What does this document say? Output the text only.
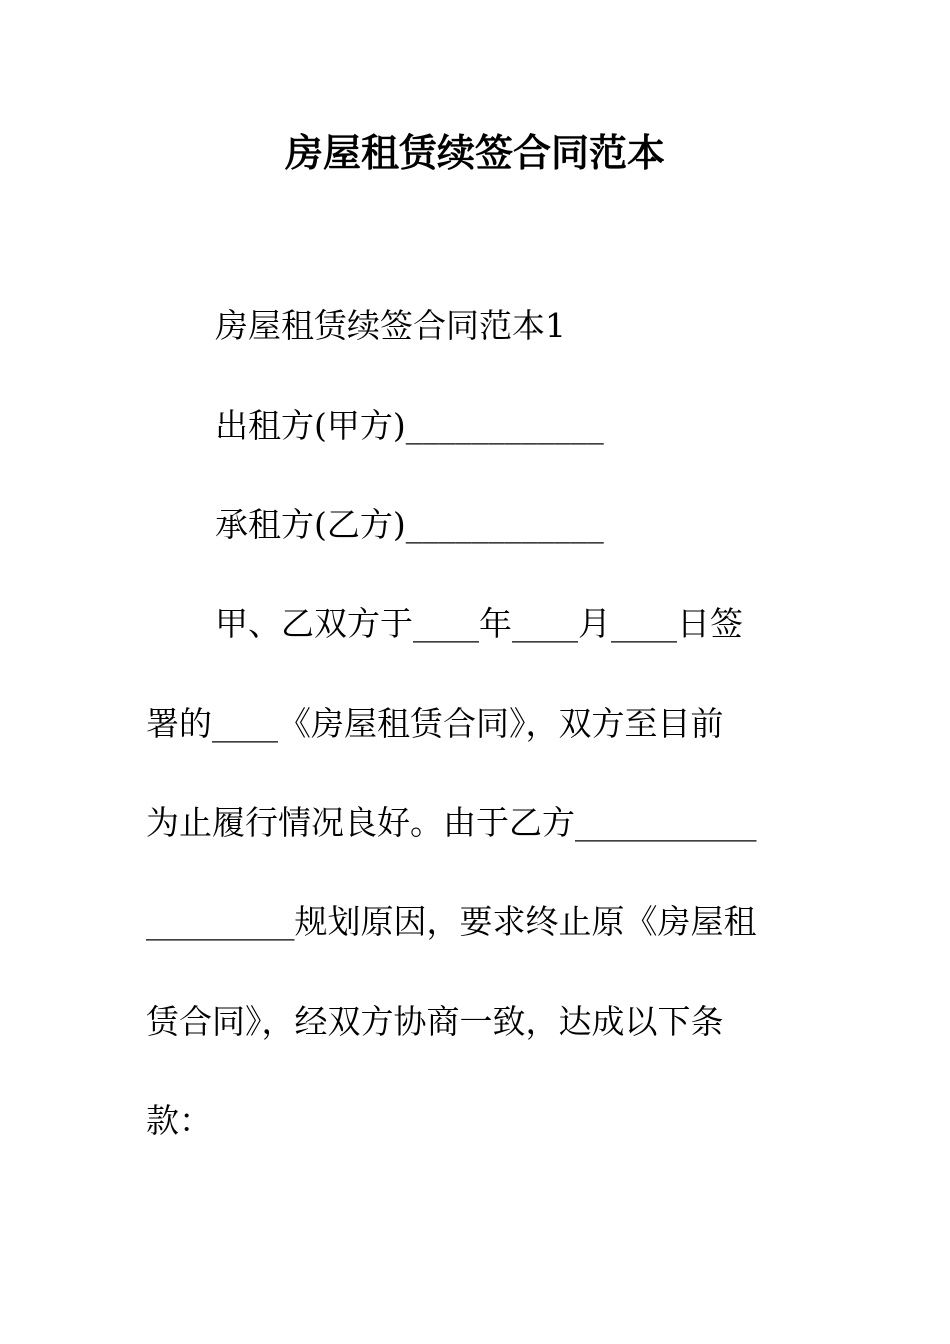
房屋租赁续签合同范本
房屋租赁续签合同范本1
出租方(甲方)____________
承租方(乙方)____________
甲、乙双方于____年____月____日签
署的____《房屋租赁合同》，双方至目前
为止履行情况良好。由于乙方___________
_________规划原因，要求终止原《房屋租
赁合同》，经双方协商一致，达成以下条
款：
